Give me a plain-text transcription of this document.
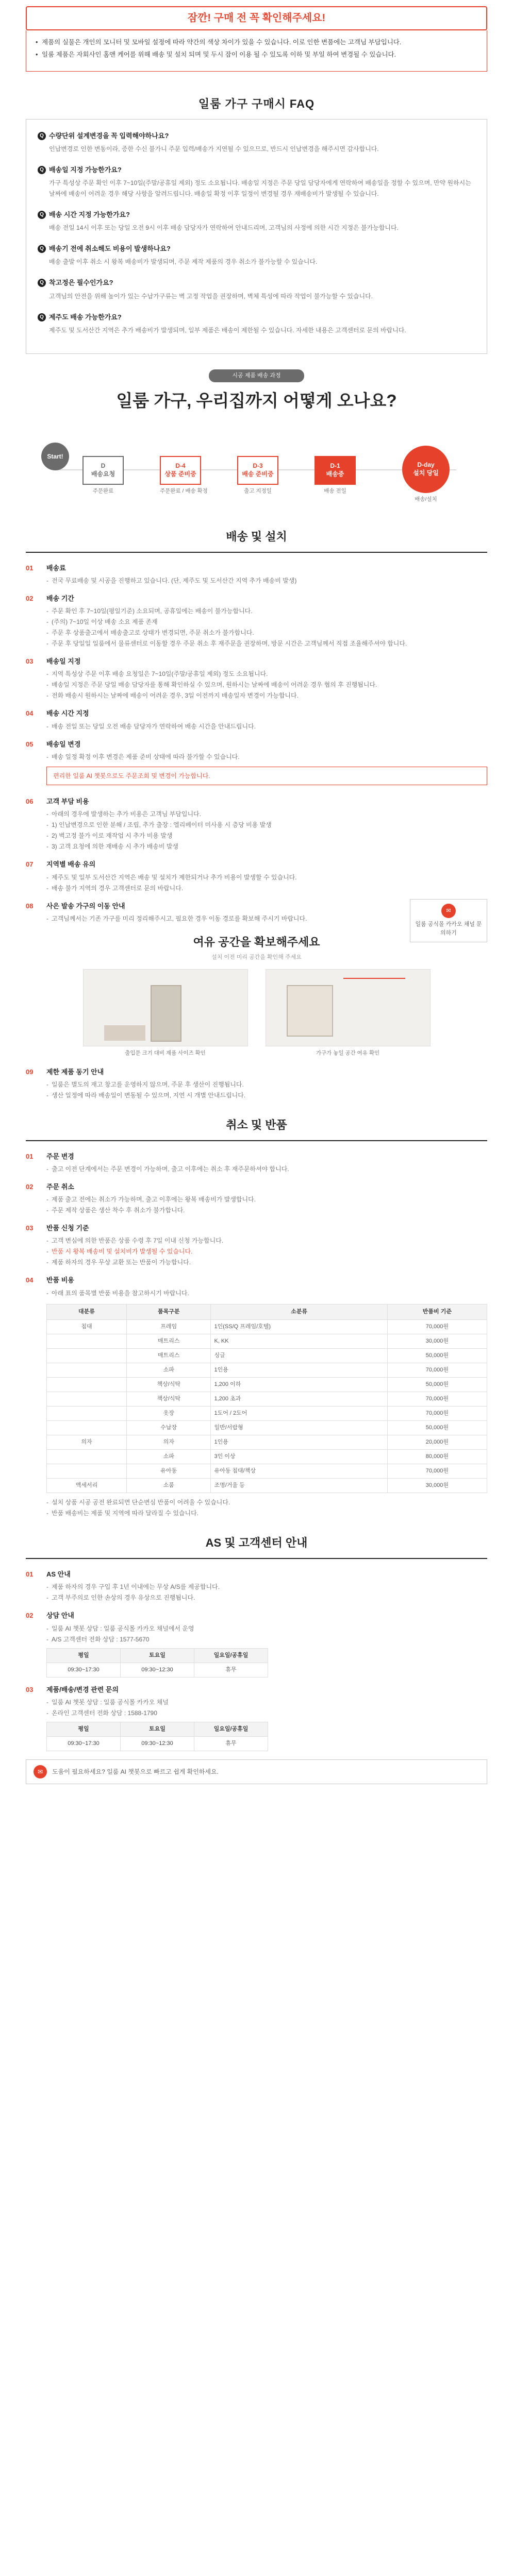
잠깐! 구매 전 꼭 확인해주세요!

• 제품의 실물은 개인의 모니터 및 모바일 설정에 따라 약간의 색상 차이가 있을 수 있습니다. 이로 인한 변품에는 고객님 부담입니다.

• 일룸 제품은 자회사인 홈앤 케어를 위해 배송 및 설치 되며 및 두시 잡이 이용 될 수 있도록 이하 및 부일 하여 변경될 수 있습니다.

일룸 가구 구매시 FAQ
Q 수량단위 설계변경을 꼭 입력해야하나요?
인납변경로 인한 변동이라, 증한 수신 불가니 주문 입력/배송가 지연될 수 있으므로, 반드시 인납변경을 해주시면 감사합니다.
Q 배송일 지정 가능한가요?
가구 특성상 주문 확인 이후 7~10일(주말/공휴일 제외) 정도 소요됩니다. 배송일 지정은 주문 당일 담당자에게 연락하여 배송일을 정할 수 있으며, 만약 원하시는 날짜에 배송이 어려운 경우 해당 사항을 알려드립니다. 배송일 확정 이후 일정이 변경될 경우 재배송비가 발생될 수 있습니다.
Q 배송 시간 지정 가능한가요?
배송 전일 14시 이후 또는 당일 오전 9시 이후 배송 담당자가 연락하여 안내드리며, 고객님의 사정에 의한 시간 지정은 불가능합니다.
Q 배송기 전에 취소해도 비용이 발생하나요?
배송 출발 이후 취소 시 왕복 배송비가 발생되며, 주문 제작 제품의 경우 취소가 불가능할 수 있습니다.
Q 착고정은 필수인가요?
고객님의 안전을 위해 높이가 있는 수납가구류는 벽 고정 작업을 권장하며, 벽체 특성에 따라 작업이 불가능할 수 있습니다.
Q 제주도 배송 가능한가요?
제주도 및 도서산간 지역은 추가 배송비가 발생되며, 일부 제품은 배송이 제한될 수 있습니다. 자세한 내용은 고객센터로 문의 바랍니다.
시공 제품 배송 과정
일룸 가구, 우리집까지 어떻게 오나요?
Start!
D
배송요청
주문완료
D-4
상품 준비중
주문완료 / 배송 확정
D-3
배송 준비중
출고 지정일
D-1
배송중
배송 전일
D-day
설치 당일
배송/설치
배송 및 설치
01	배송료

- 전국 무료배송 및 시공을 진행하고 있습니다. (단, 제주도 및 도서산간 지역 추가 배송비 발생)

02	배송 기간

- 주문 확인 후 7~10일(평일기준) 소요되며, 공휴일에는 배송이 불가능합니다.

- (주의) 7~10일 이상 배송 소요 제품 존재

- 주문 후 상품출고에서 배송출고로 상태가 변경되면, 주문 취소가 불가합니다.

- 주문 후 당일일 일룸에서 물류센터로 이동할 경우 주문 취소 후 재주문을 권장하며, 방문 시간은 고객님께서 직접 조율해주셔야 합니다.

03	배송일 지정

- 지역 특성상 주문 이후 배송 요청일은 7~10일(주말/공휴일 제외) 정도 소요됩니다.

- 배송일 지정은 주문 당일 배송 담당자를 통해 확인하실 수 있으며, 원하시는 날짜에 배송이 어려운 경우 협의 후 진행됩니다.

- 전화 배송시 원하시는 날짜에 배송이 어려운 경우, 3일 이전까지 배송일자 변경이 가능합니다.

04	배송 시간 지정

- 배송 전일 또는 당일 오전 배송 담당자가 연락하여 배송 시간을 안내드립니다.

05	배송일 변경

- 배송 일정 확정 이후 변경은 제품 준비 상태에 따라 불가할 수 있습니다.

편리한 일룸 AI 챗봇으로도 주문조회 및 변경이 가능합니다.
✉
일룸 공식몰 카카오 채널 문의하기
06	고객 부담 비용

- 아래의 경우에 발생하는 추가 비용은 고객님 부담입니다.

- 1) 인납변경으로 인한 분해 / 조립, 추가 출장 : 엘리베이터 미사용 시 층당 비용 발생

- 2) 벽고정 불가 이로 재작업 시 추가 비용 발생

- 3) 고객 요청에 의한 재배송 시 추가 배송비 발생

07	지역별 배송 유의

- 제주도 및 일부 도서산간 지역은 배송 및 설치가 제한되거나 추가 비용이 발생할 수 있습니다.

- 배송 불가 지역의 경우 고객센터로 문의 바랍니다.

08	사은 발송 가구의 이동 안내

- 고객님께서는 기존 가구를 미리 정리해주시고, 필요한 경우 이동 경로를 확보해 주시기 바랍니다.

여유 공간을 확보해주세요
설치 이전 미리 공간을 확인해 주세요
출입문 크기 대비 제품 사이즈 확인	가구가 놓일 공간 여유 확인
09	제한 제품 동기 안내

- 일룸은 별도의 재고 창고를 운영하지 않으며, 주문 후 생산이 진행됩니다.

- 생산 일정에 따라 배송일이 변동될 수 있으며, 지연 시 개별 안내드립니다.

취소 및 반품
01	주문 변경

- 출고 이전 단계에서는 주문 변경이 가능하며, 출고 이후에는 취소 후 재주문하셔야 합니다.

02	주문 취소

- 제품 출고 전에는 취소가 가능하며, 출고 이후에는 왕복 배송비가 발생합니다.

- 주문 제작 상품은 생산 착수 후 취소가 불가합니다.

03	반품 신청 기준

- 고객 변심에 의한 반품은 상품 수령 후 7일 이내 신청 가능합니다.

- 반품 시 왕복 배송비 및 설치비가 발생될 수 있습니다.

- 제품 하자의 경우 무상 교환 또는 반품이 가능합니다.

04	반품 비용

- 아래 표의 품목별 반품 비용을 참고하시기 바랍니다.

대분류	품목구분	소분류	반품비 기준
침대	프레임	1인(SS/Q 프레임/호텔)	70,000원
	매트리스	K, KK	30,000원
	매트리스	싱글	50,000원
	소파	1인용	70,000원
	책상/식탁	1,200 이하	50,000원
	책상/식탁	1,200 초과	70,000원
	옷장	1도어 / 2도어	70,000원
	수납장	일반/서랍형	50,000원
의자	의자	1인용	20,000원
	소파	3인 이상	80,000원
	유아동	유아동 침대/책상	70,000원
액세서리	소품	조명/거울 등	30,000원

- 설치 상품 시공 공전 완료되면 단순변심 반품이 어려울 수 있습니다.

- 반품 배송비는 제품 및 지역에 따라 달라질 수 있습니다.

AS 및 고객센터 안내
01	AS 안내

- 제품 하자의 경우 구입 후 1년 이내에는 무상 A/S를 제공합니다.

- 고객 부주의로 인한 손상의 경우 유상으로 진행됩니다.

02	상담 안내

- 일룸 AI 챗봇 상담 : 일룸 공식몰 카카오 채널에서 운영

- A/S 고객센터 전화 상담 : 1577-5670

평일	토요일	일요일/공휴일
09:30~17:30	09:30~12:30	휴무
03	제품/배송/변경 관련 문의

- 일룸 AI 챗봇 상담 : 일룸 공식몰 카카오 채널

- 온라인 고객센터 전화 상담 : 1588-1790

평일	토요일	일요일/공휴일
09:30~17:30	09:30~12:30	휴무
✉	도움이 필요하세요? 일룸 AI 챗봇으로 빠르고 쉽게 확인하세요.
